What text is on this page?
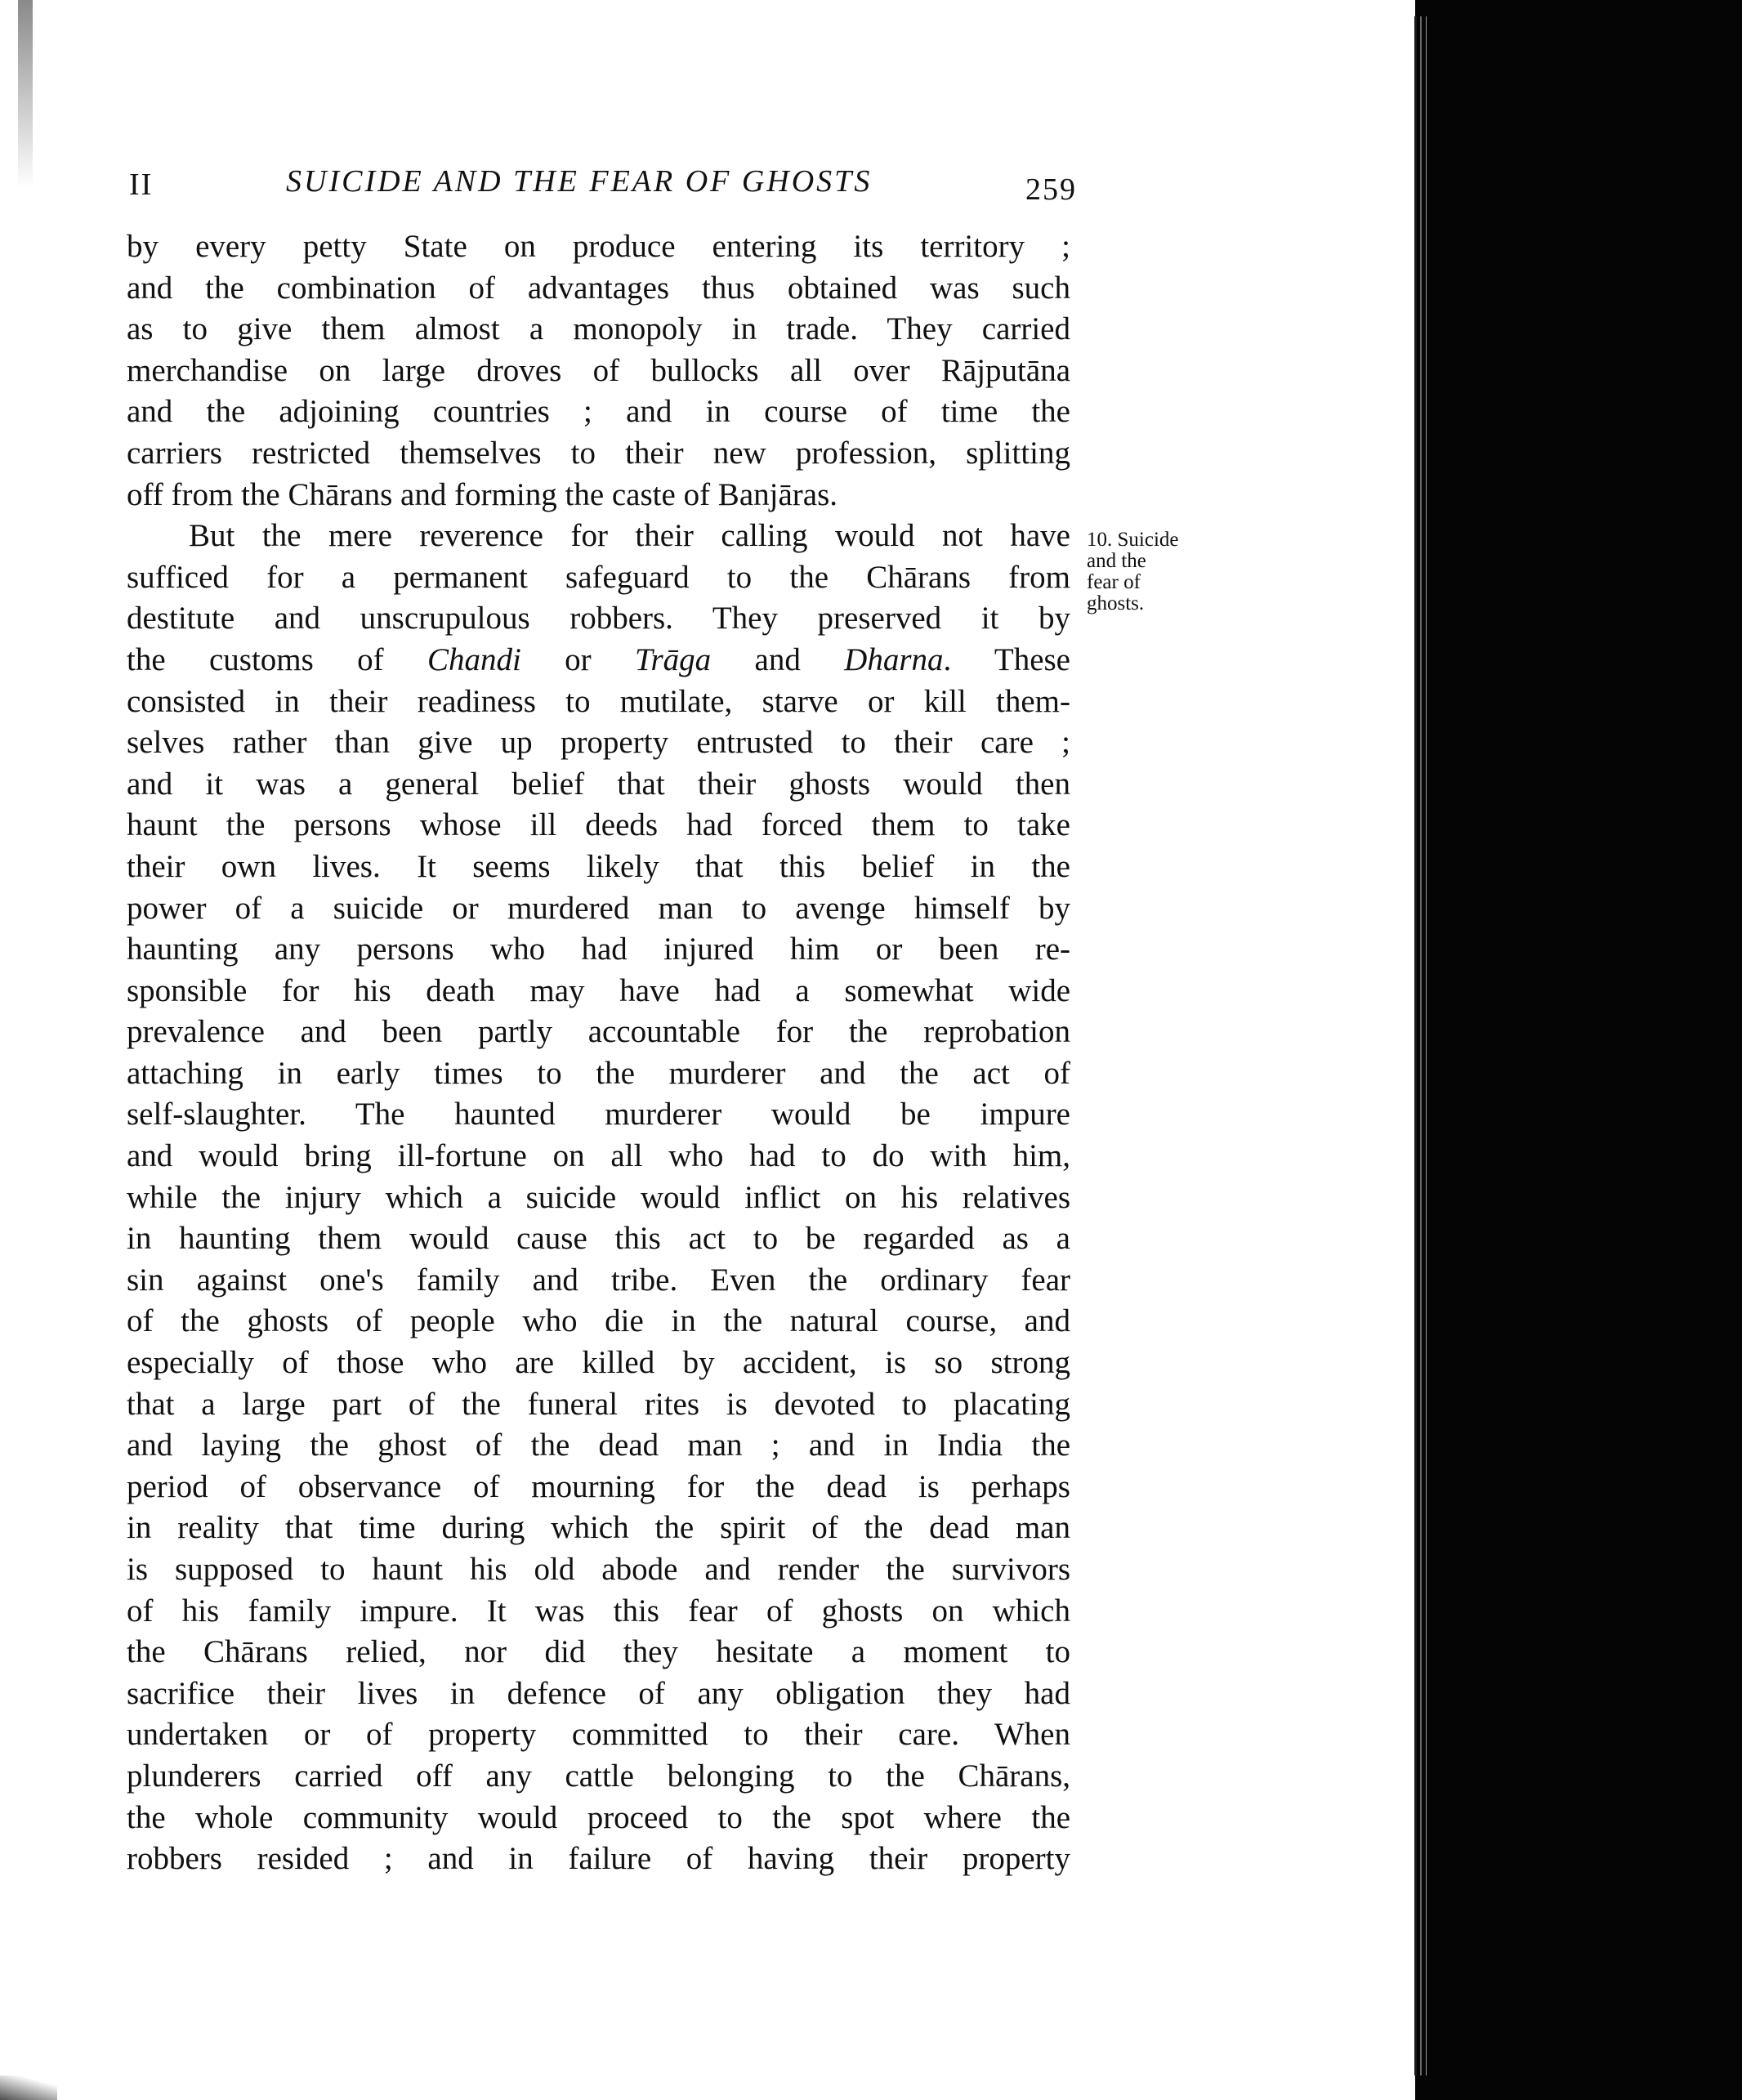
II	SUICIDE AND THE FEAR OF GHOSTS	259
by every petty State on produce entering its territory ;
and the combination of advantages thus obtained was such
as to give them almost a monopoly in trade. They carried
merchandise on large droves of bullocks all over Rājputāna
and the adjoining countries ; and in course of time the
carriers restricted themselves to their new profession, splitting
off from the Chārans and forming the caste of Banjāras.
But the mere reverence for their calling would not have
sufficed for a permanent safeguard to the Chārans from
destitute and unscrupulous robbers. They preserved it by
the customs of Chandi or Trāga and Dharna. These
consisted in their readiness to mutilate, starve or kill them-
selves rather than give up property entrusted to their care ;
and it was a general belief that their ghosts would then
haunt the persons whose ill deeds had forced them to take
their own lives. It seems likely that this belief in the
power of a suicide or murdered man to avenge himself by
haunting any persons who had injured him or been re-
sponsible for his death may have had a somewhat wide
prevalence and been partly accountable for the reprobation
attaching in early times to the murderer and the act of
self-slaughter. The haunted murderer would be impure
and would bring ill-fortune on all who had to do with him,
while the injury which a suicide would inflict on his relatives
in haunting them would cause this act to be regarded as a
sin against one's family and tribe. Even the ordinary fear
of the ghosts of people who die in the natural course, and
especially of those who are killed by accident, is so strong
that a large part of the funeral rites is devoted to placating
and laying the ghost of the dead man ; and in India the
period of observance of mourning for the dead is perhaps
in reality that time during which the spirit of the dead man
is supposed to haunt his old abode and render the survivors
of his family impure. It was this fear of ghosts on which
the Chārans relied, nor did they hesitate a moment to
sacrifice their lives in defence of any obligation they had
undertaken or of property committed to their care. When
plunderers carried off any cattle belonging to the Chārans,
the whole community would proceed to the spot where the
robbers resided ; and in failure of having their property
10. Suicide
and the
fear of
ghosts.
